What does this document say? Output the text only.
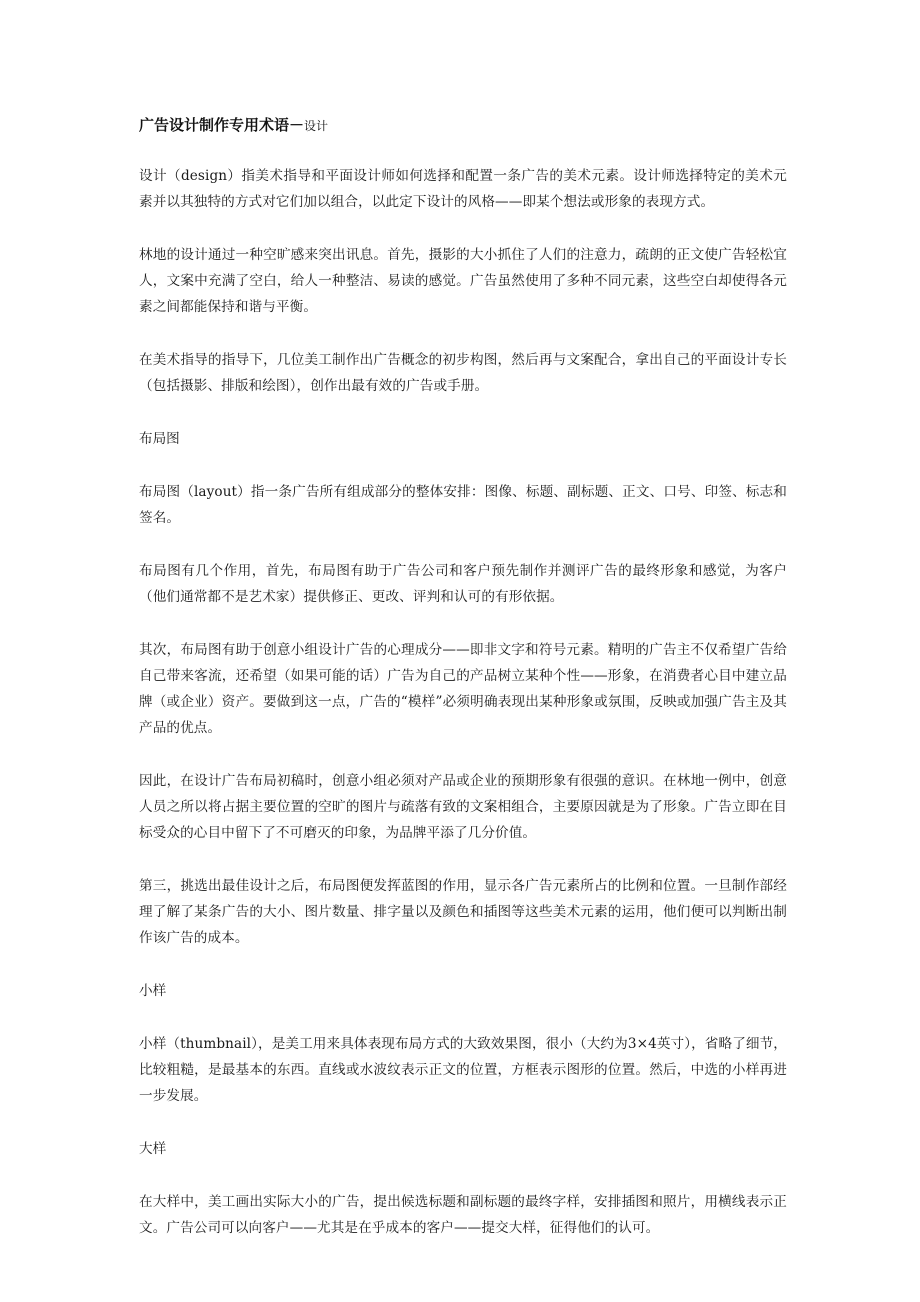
广告设计制作专用术语－设计

设计（design）指美术指导和平面设计师如何选择和配置一条广告的美术元素。设计师选择特定的美术元素并以其独特的方式对它们加以组合，以此定下设计的风格——即某个想法或形象的表现方式。

林地的设计通过一种空旷感来突出讯息。首先，摄影的大小抓住了人们的注意力，疏朗的正文使广告轻松宜人，文案中充满了空白，给人一种整洁、易读的感觉。广告虽然使用了多种不同元素，这些空白却使得各元素之间都能保持和谐与平衡。

在美术指导的指导下，几位美工制作出广告概念的初步构图，然后再与文案配合，拿出自己的平面设计专长（包括摄影、排版和绘图），创作出最有效的广告或手册。

布局图

布局图（layout）指一条广告所有组成部分的整体安排：图像、标题、副标题、正文、口号、印签、标志和签名。

布局图有几个作用，首先，布局图有助于广告公司和客户预先制作并测评广告的最终形象和感觉，为客户（他们通常都不是艺术家）提供修正、更改、评判和认可的有形依据。

其次，布局图有助于创意小组设计广告的心理成分——即非文字和符号元素。精明的广告主不仅希望广告给自己带来客流，还希望（如果可能的话）广告为自己的产品树立某种个性——形象，在消费者心目中建立品牌（或企业）资产。要做到这一点，广告的“模样”必须明确表现出某种形象或氛围，反映或加强广告主及其产品的优点。

因此，在设计广告布局初稿时，创意小组必须对产品或企业的预期形象有很强的意识。在林地一例中，创意人员之所以将占据主要位置的空旷的图片与疏落有致的文案相组合，主要原因就是为了形象。广告立即在目标受众的心目中留下了不可磨灭的印象，为品牌平添了几分价值。

第三，挑选出最佳设计之后，布局图便发挥蓝图的作用，显示各广告元素所占的比例和位置。一旦制作部经理了解了某条广告的大小、图片数量、排字量以及颜色和插图等这些美术元素的运用，他们便可以判断出制作该广告的成本。

小样

小样（thumbnail），是美工用来具体表现布局方式的大致效果图，很小（大约为3×4英寸），省略了细节，比较粗糙，是最基本的东西。直线或水波纹表示正文的位置，方框表示图形的位置。然后，中选的小样再进一步发展。

大样

在大样中，美工画出实际大小的广告，提出候选标题和副标题的最终字样，安排插图和照片，用横线表示正文。广告公司可以向客户——尤其是在乎成本的客户——提交大样，征得他们的认可。
